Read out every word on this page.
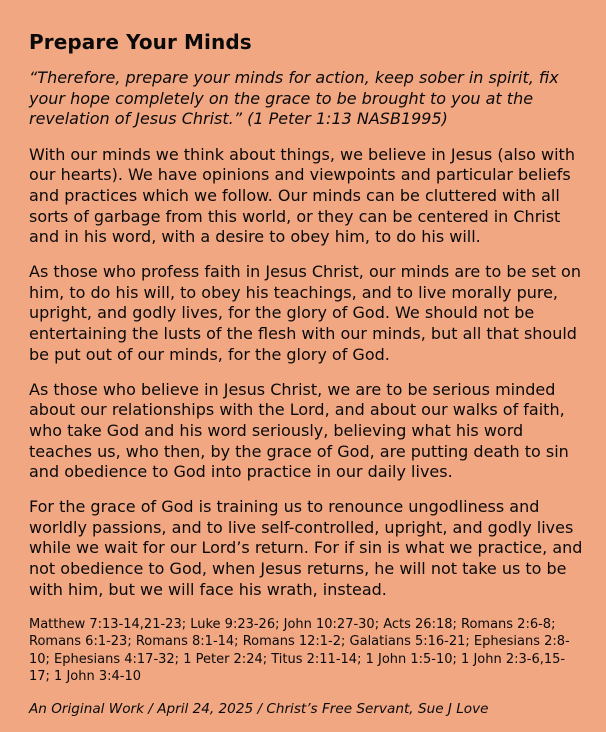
Prepare Your Minds

“Therefore, prepare your minds for action, keep sober in spirit, fix your hope completely on the grace to be brought to you at the revelation of Jesus Christ.” (1 Peter 1:13 NASB1995)

With our minds we think about things, we believe in Jesus (also with our hearts). We have opinions and viewpoints and particular beliefs and practices which we follow. Our minds can be cluttered with all sorts of garbage from this world, or they can be centered in Christ and in his word, with a desire to obey him, to do his will.

As those who profess faith in Jesus Christ, our minds are to be set on him, to do his will, to obey his teachings, and to live morally pure, upright, and godly lives, for the glory of God. We should not be entertaining the lusts of the flesh with our minds, but all that should be put out of our minds, for the glory of God.

As those who believe in Jesus Christ, we are to be serious minded about our relationships with the Lord, and about our walks of faith, who take God and his word seriously, believing what his word teaches us, who then, by the grace of God, are putting death to sin and obedience to God into practice in our daily lives.

For the grace of God is training us to renounce ungodliness and worldly passions, and to live self-controlled, upright, and godly lives while we wait for our Lord’s return. For if sin is what we practice, and not obedience to God, when Jesus returns, he will not take us to be with him, but we will face his wrath, instead.

Matthew 7:13-14,21-23; Luke 9:23-26; John 10:27-30; Acts 26:18; Romans 2:6-8; Romans 6:1-23; Romans 8:1-14; Romans 12:1-2; Galatians 5:16-21; Ephesians 2:8-10; Ephesians 4:17-32; 1 Peter 2:24; Titus 2:11-14; 1 John 1:5-10; 1 John 2:3-6,15-17; 1 John 3:4-10

An Original Work / April 24, 2025 / Christ’s Free Servant, Sue J Love
